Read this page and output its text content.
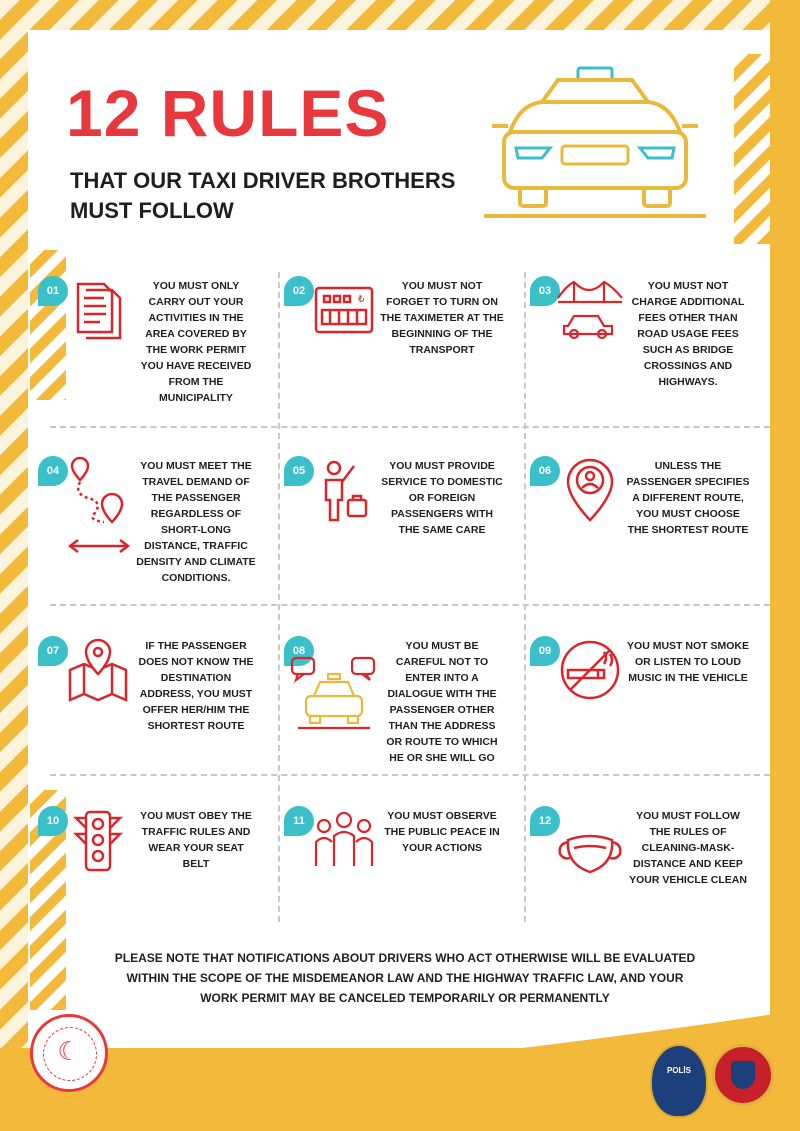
12 RULES
THAT OUR TAXI DRIVER BROTHERS MUST FOLLOW
01	YOU MUST ONLY CARRY OUT YOUR ACTIVITIES IN THE AREA COVERED BY THE WORK PERMIT YOU HAVE RECEIVED FROM THE MUNICIPALITY
02
₺
YOU MUST NOT FORGET TO TURN ON THE TAXIMETER AT THE BEGINNING OF THE TRANSPORT
03	YOU MUST NOT CHARGE ADDITIONAL FEES OTHER THAN ROAD USAGE FEES SUCH AS BRIDGE CROSSINGS AND HIGHWAYS.
04	YOU MUST MEET THE TRAVEL DEMAND OF THE PASSENGER REGARDLESS OF SHORT-LONG DISTANCE, TRAFFIC DENSITY AND CLIMATE CONDITIONS.
05	YOU MUST PROVIDE SERVICE TO DOMESTIC OR FOREIGN PASSENGERS WITH THE SAME CARE
06	UNLESS THE PASSENGER SPECIFIES A DIFFERENT ROUTE, YOU MUST CHOOSE THE SHORTEST ROUTE
07	IF THE PASSENGER DOES NOT KNOW THE DESTINATION ADDRESS, YOU MUST OFFER HER/HIM THE SHORTEST ROUTE
08	YOU MUST BE CAREFUL NOT TO ENTER INTO A DIALOGUE WITH THE PASSENGER OTHER THAN THE ADDRESS OR ROUTE TO WHICH HE OR SHE WILL GO
09	YOU MUST NOT SMOKE OR LISTEN TO LOUD MUSIC IN THE VEHICLE
10	YOU MUST OBEY THE TRAFFIC RULES AND WEAR YOUR SEAT BELT
11	YOU MUST OBSERVE THE PUBLIC PEACE IN YOUR ACTIONS
12	YOU MUST FOLLOW THE RULES OF CLEANING-MASK-DISTANCE AND KEEP YOUR VEHICLE CLEAN

PLEASE NOTE THAT NOTIFICATIONS ABOUT DRIVERS WHO ACT OTHERWISE WILL BE EVALUATED WITHIN THE SCOPE OF THE MISDEMEANOR LAW AND THE HIGHWAY TRAFFIC LAW, AND YOUR WORK PERMIT MAY BE CANCELED TEMPORARILY OR PERMANENTLY

☾
POLİS
